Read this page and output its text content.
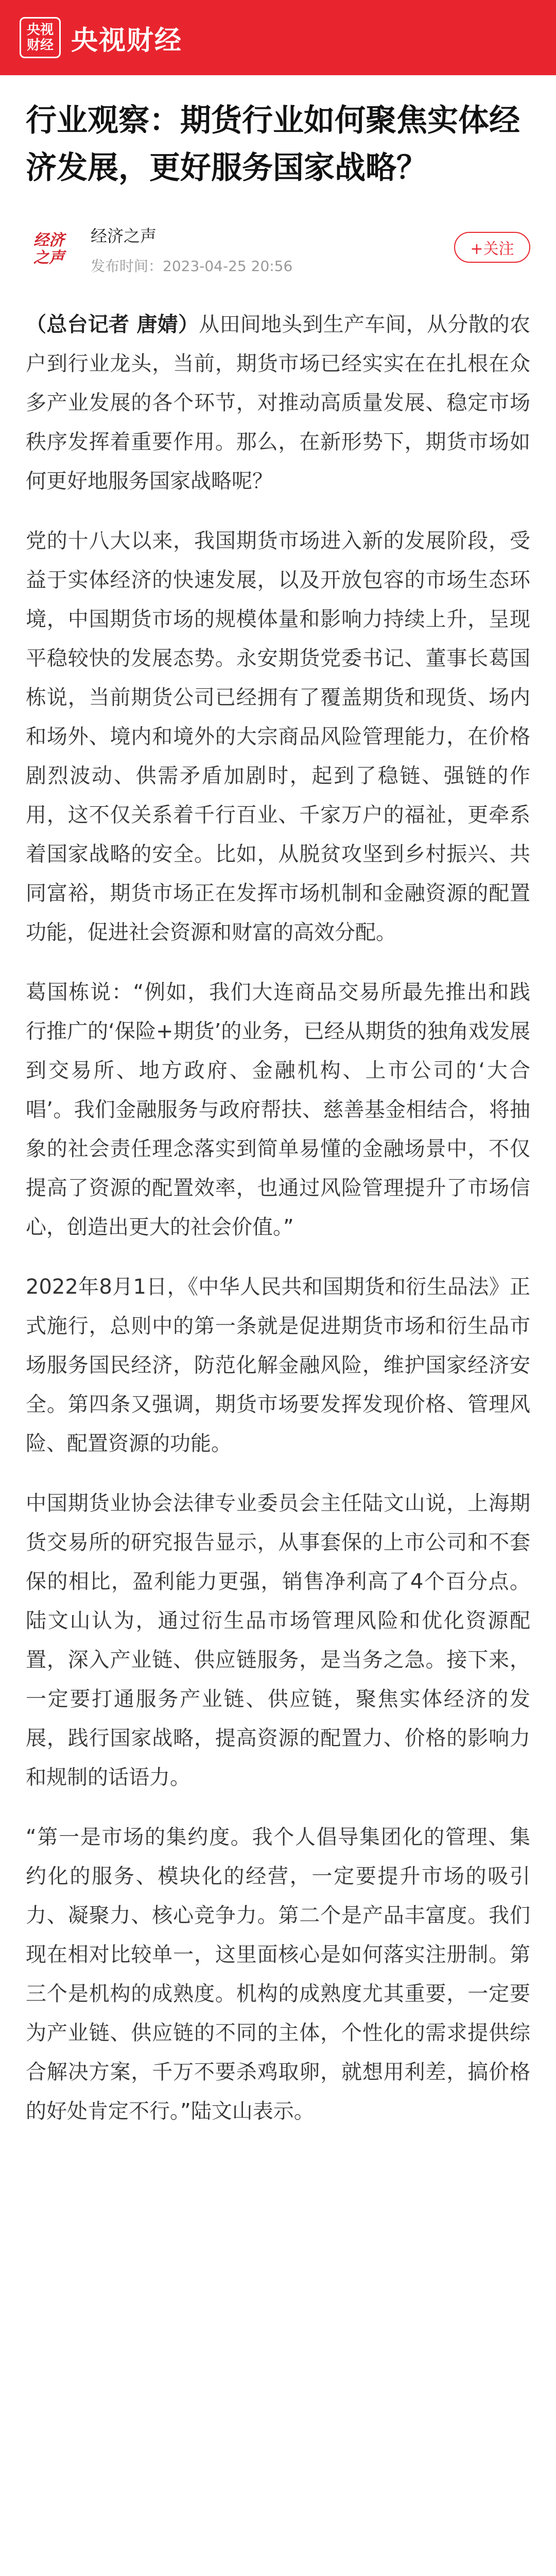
央视
财经 央视财经
行业观察：期货行业如何聚焦实体经济发展，更好服务国家战略？
经济
之声
经济之声
发布时间：2023-04-25 20:56
+关注

（总台记者 唐婧）从田间地头到生产车间，从分散的农户到行业龙头，当前，期货市场已经实实在在扎根在众多产业发展的各个环节，对推动高质量发展、稳定市场秩序发挥着重要作用。那么，在新形势下，期货市场如何更好地服务国家战略呢？

党的十八大以来，我国期货市场进入新的发展阶段，受益于实体经济的快速发展，以及开放包容的市场生态环境，中国期货市场的规模体量和影响力持续上升，呈现平稳较快的发展态势。永安期货党委书记、董事长葛国栋说，当前期货公司已经拥有了覆盖期货和现货、场内和场外、境内和境外的大宗商品风险管理能力，在价格剧烈波动、供需矛盾加剧时，起到了稳链、强链的作用，这不仅关系着千行百业、千家万户的福祉，更牵系着国家战略的安全。比如，从脱贫攻坚到乡村振兴、共同富裕，期货市场正在发挥市场机制和金融资源的配置功能，促进社会资源和财富的高效分配。

葛国栋说：“例如，我们大连商品交易所最先推出和践行推广的‘保险+期货’的业务，已经从期货的独角戏发展到交易所、地方政府、金融机构、上市公司的‘大合唱’。我们金融服务与政府帮扶、慈善基金相结合，将抽象的社会责任理念落实到简单易懂的金融场景中，不仅提高了资源的配置效率，也通过风险管理提升了市场信心，创造出更大的社会价值。”

2022年8月1日，《中华人民共和国期货和衍生品法》正式施行，总则中的第一条就是促进期货市场和衍生品市场服务国民经济，防范化解金融风险，维护国家经济安全。第四条又强调，期货市场要发挥发现价格、管理风险、配置资源的功能。

中国期货业协会法律专业委员会主任陆文山说，上海期货交易所的研究报告显示，从事套保的上市公司和不套保的相比，盈利能力更强，销售净利高了4个百分点。陆文山认为，通过衍生品市场管理风险和优化资源配置，深入产业链、供应链服务，是当务之急。接下来，一定要打通服务产业链、供应链，聚焦实体经济的发展，践行国家战略，提高资源的配置力、价格的影响力和规制的话语力。

“第一是市场的集约度。我个人倡导集团化的管理、集约化的服务、模块化的经营，一定要提升市场的吸引力、凝聚力、核心竞争力。第二个是产品丰富度。我们现在相对比较单一，这里面核心是如何落实注册制。第三个是机构的成熟度。机构的成熟度尤其重要，一定要为产业链、供应链的不同的主体，个性化的需求提供综合解决方案，千万不要杀鸡取卵，就想用利差，搞价格的好处肯定不行。”陆文山表示。
